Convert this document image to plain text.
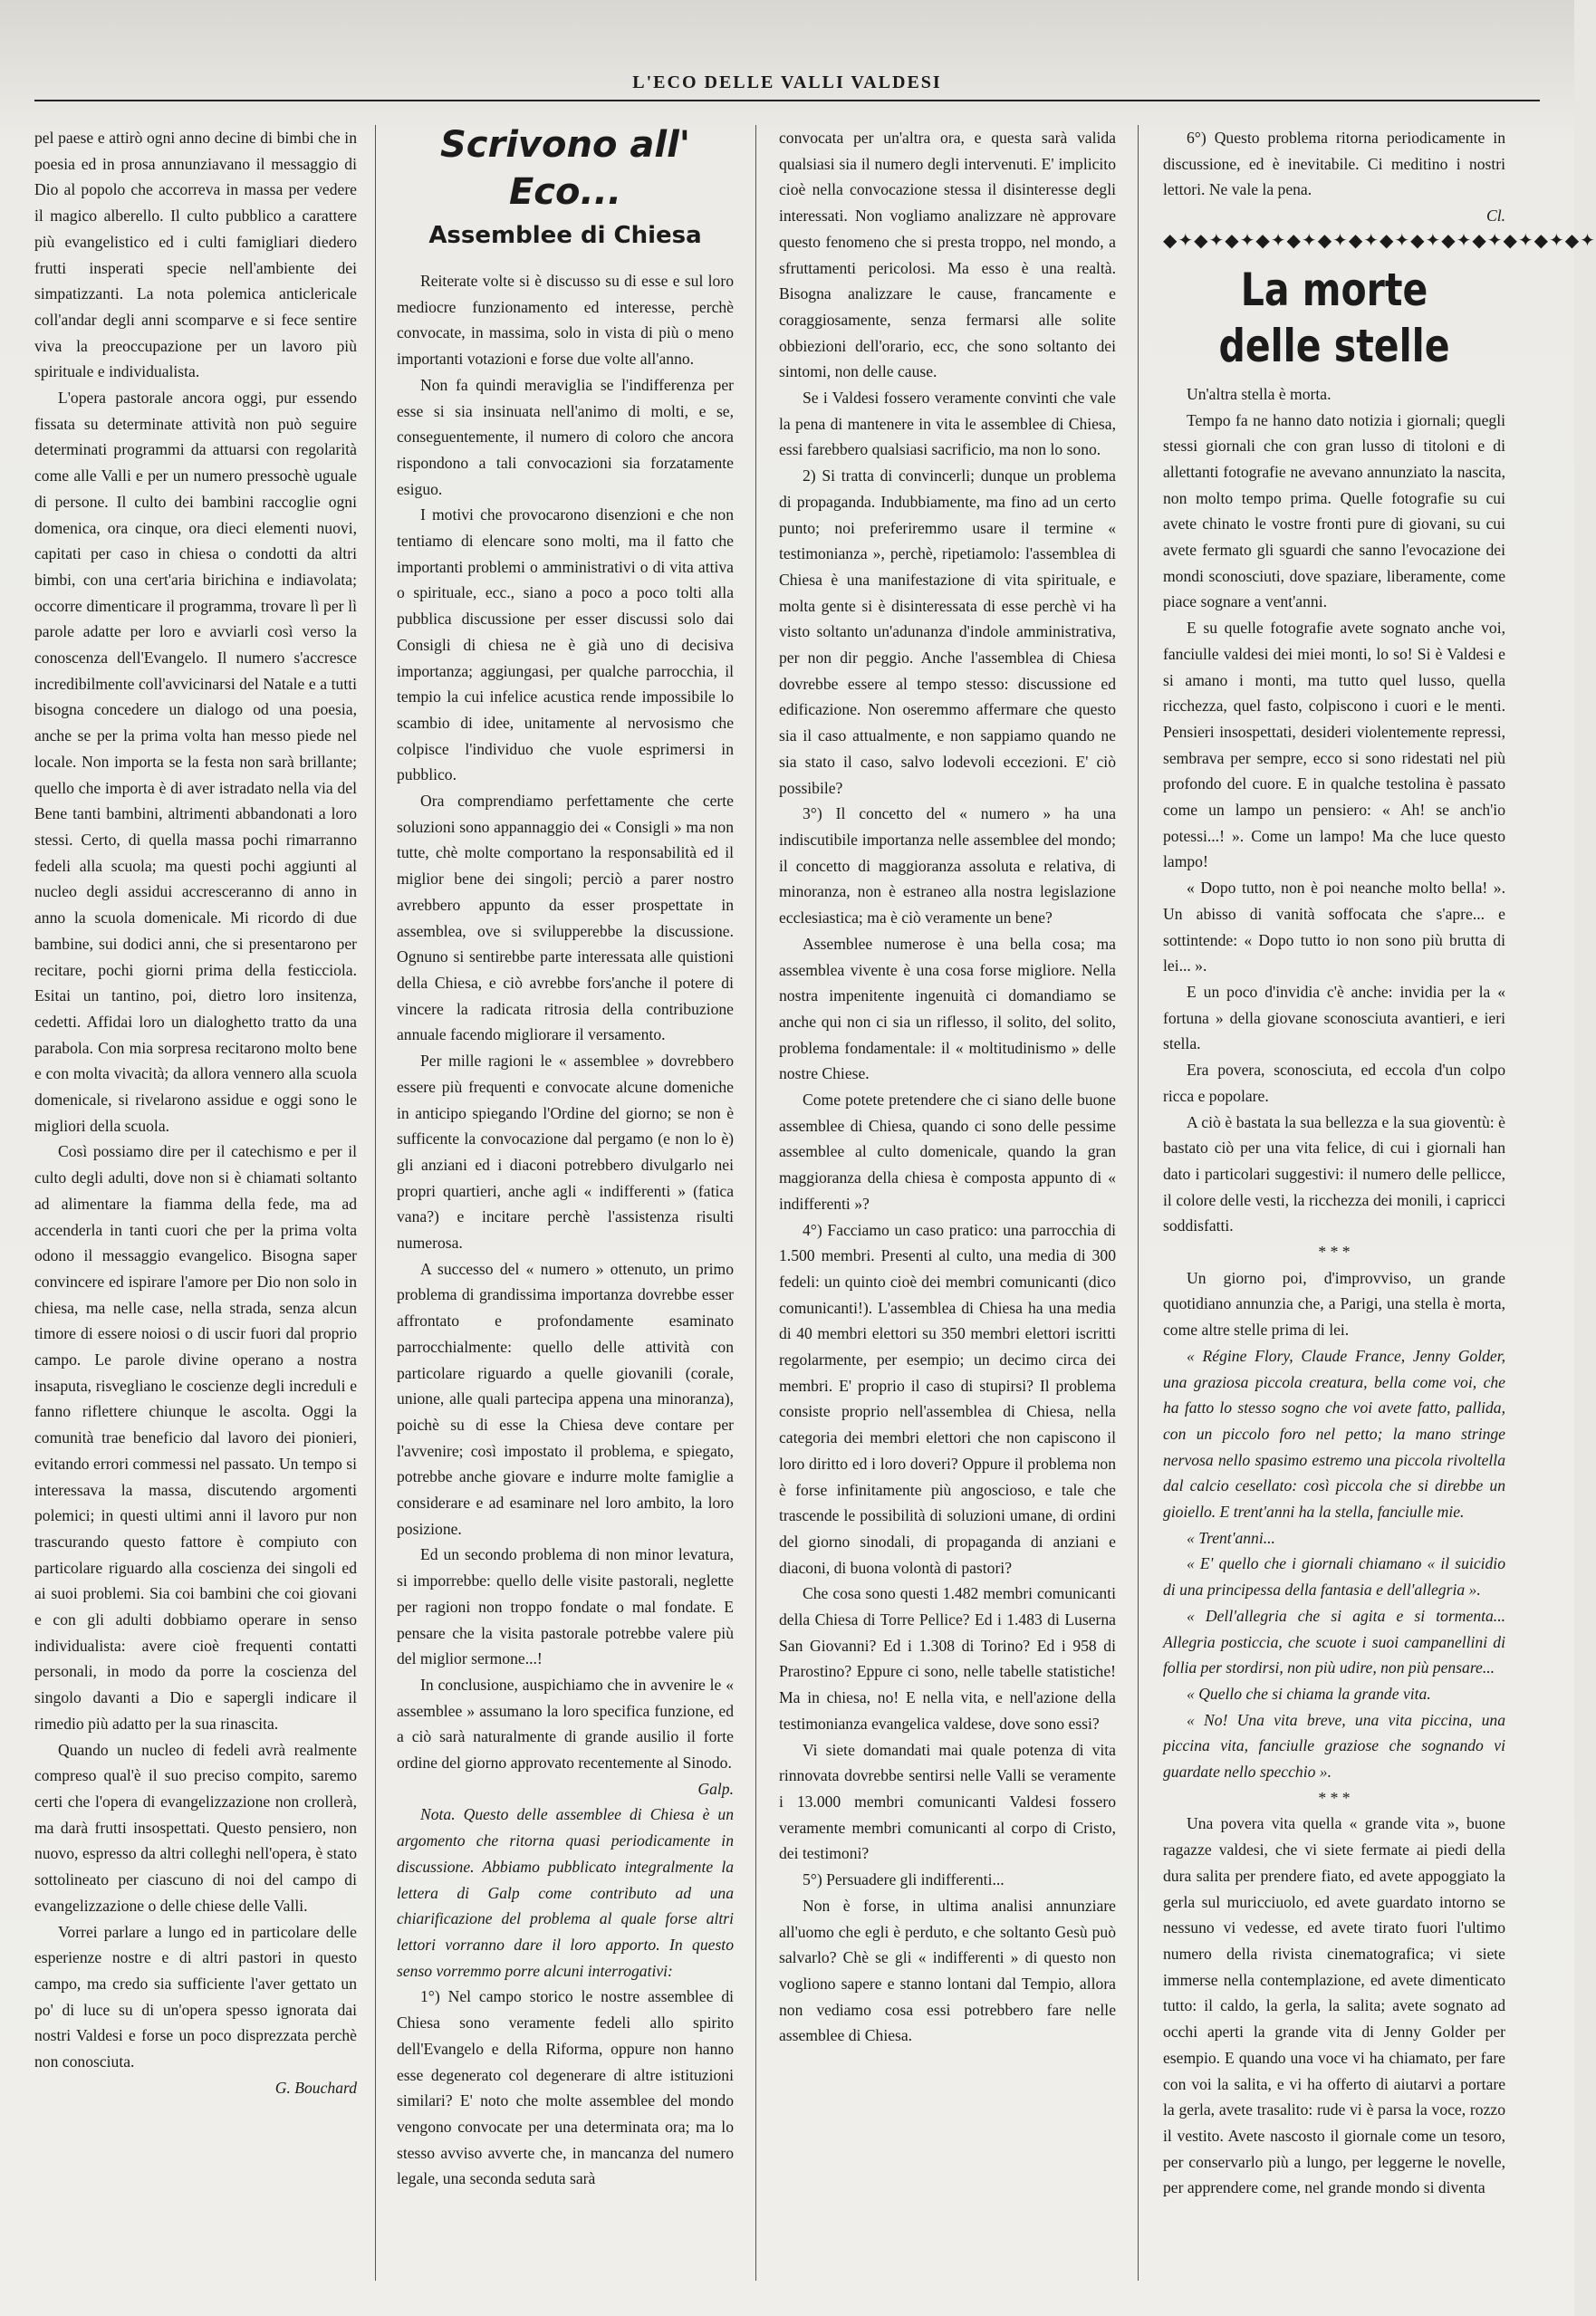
L'ECO DELLE VALLI VALDESI

pel paese e attirò ogni anno decine di bimbi che in poesia ed in prosa annunziavano il messaggio di Dio al popolo che accorreva in massa per vedere il magico alberello. Il culto pubblico a carattere più evangelistico ed i culti famigliari diedero frutti insperati specie nell'ambiente dei simpatizzanti. La nota polemica anticlericale coll'andar degli anni scomparve e si fece sentire viva la preoccupazione per un lavoro più spirituale e individualista.

L'opera pastorale ancora oggi, pur essendo fissata su determinate attività non può seguire determinati programmi da attuarsi con regolarità come alle Valli e per un numero pressochè uguale di persone. Il culto dei bambini raccoglie ogni domenica, ora cinque, ora dieci elementi nuovi, capitati per caso in chiesa o condotti da altri bimbi, con una cert'aria birichina e indiavolata; occorre dimenticare il programma, trovare lì per lì parole adatte per loro e avviarli così verso la conoscenza dell'Evangelo. Il numero s'accresce incredibilmente coll'avvicinarsi del Natale e a tutti bisogna concedere un dialogo od una poesia, anche se per la prima volta han messo piede nel locale. Non importa se la festa non sarà brillante; quello che importa è di aver istradato nella via del Bene tanti bambini, altrimenti abbandonati a loro stessi. Certo, di quella massa pochi rimarranno fedeli alla scuola; ma questi pochi aggiunti al nucleo degli assidui accresceranno di anno in anno la scuola domenicale. Mi ricordo di due bambine, sui dodici anni, che si presentarono per recitare, pochi giorni prima della festicciola. Esitai un tantino, poi, dietro loro insitenza, cedetti. Affidai loro un dialoghetto tratto da una parabola. Con mia sorpresa recitarono molto bene e con molta vivacità; da allora vennero alla scuola domenicale, si rivelarono assidue e oggi sono le migliori della scuola.

Così possiamo dire per il catechismo e per il culto degli adulti, dove non si è chiamati soltanto ad alimentare la fiamma della fede, ma ad accenderla in tanti cuori che per la prima volta odono il messaggio evangelico. Bisogna saper convincere ed ispirare l'amore per Dio non solo in chiesa, ma nelle case, nella strada, senza alcun timore di essere noiosi o di uscir fuori dal proprio campo. Le parole divine operano a nostra insaputa, risvegliano le coscienze degli increduli e fanno riflettere chiunque le ascolta. Oggi la comunità trae beneficio dal lavoro dei pionieri, evitando errori commessi nel passato. Un tempo si interessava la massa, discutendo argomenti polemici; in questi ultimi anni il lavoro pur non trascurando questo fattore è compiuto con particolare riguardo alla coscienza dei singoli ed ai suoi problemi. Sia coi bambini che coi giovani e con gli adulti dobbiamo operare in senso individualista: avere cioè frequenti contatti personali, in modo da porre la coscienza del singolo davanti a Dio e sapergli indicare il rimedio più adatto per la sua rinascita.

Quando un nucleo di fedeli avrà realmente compreso qual'è il suo preciso compito, saremo certi che l'opera di evangelizzazione non crollerà, ma darà frutti insospettati. Questo pensiero, non nuovo, espresso da altri colleghi nell'opera, è stato sottolineato per ciascuno di noi del campo di evangelizzazione o delle chiese delle Valli.

Vorrei parlare a lungo ed in particolare delle esperienze nostre e di altri pastori in questo campo, ma credo sia sufficiente l'aver gettato un po' di luce su di un'opera spesso ignorata dai nostri Valdesi e forse un poco disprezzata perchè non conosciuta.

G. Bouchard

Scrivono all' Eco...
Assemblee di Chiesa

Reiterate volte si è discusso su di esse e sul loro mediocre funzionamento ed interesse, perchè convocate, in massima, solo in vista di più o meno importanti votazioni e forse due volte all'anno.

Non fa quindi meraviglia se l'indifferenza per esse si sia insinuata nell'animo di molti, e se, conseguentemente, il numero di coloro che ancora rispondono a tali convocazioni sia forzatamente esiguo.

I motivi che provocarono disenzioni e che non tentiamo di elencare sono molti, ma il fatto che importanti problemi o amministrativi o di vita attiva o spirituale, ecc., siano a poco a poco tolti alla pubblica discussione per esser discussi solo dai Consigli di chiesa ne è già uno di decisiva importanza; aggiungasi, per qualche parrocchia, il tempio la cui infelice acustica rende impossibile lo scambio di idee, unitamente al nervosismo che colpisce l'individuo che vuole esprimersi in pubblico.

Ora comprendiamo perfettamente che certe soluzioni sono appannaggio dei « Consigli » ma non tutte, chè molte comportano la responsabilità ed il miglior bene dei singoli; perciò a parer nostro avrebbero appunto da esser prospettate in assemblea, ove si svilupperebbe la discussione. Ognuno si sentirebbe parte interessata alle quistioni della Chiesa, e ciò avrebbe fors'anche il potere di vincere la radicata ritrosia della contribuzione annuale facendo migliorare il versamento.

Per mille ragioni le « assemblee » dovrebbero essere più frequenti e convocate alcune domeniche in anticipo spiegando l'Ordine del giorno; se non è sufficente la convocazione dal pergamo (e non lo è) gli anziani ed i diaconi potrebbero divulgarlo nei propri quartieri, anche agli « indifferenti » (fatica vana?) e incitare perchè l'assistenza risulti numerosa.

A successo del « numero » ottenuto, un primo problema di grandissima importanza dovrebbe esser affrontato e profondamente esaminato parrocchialmente: quello delle attività con particolare riguardo a quelle giovanili (corale, unione, alle quali partecipa appena una minoranza), poichè su di esse la Chiesa deve contare per l'avvenire; così impostato il problema, e spiegato, potrebbe anche giovare e indurre molte famiglie a considerare e ad esaminare nel loro ambito, la loro posizione.

Ed un secondo problema di non minor levatura, si imporrebbe: quello delle visite pastorali, neglette per ragioni non troppo fondate o mal fondate. E pensare che la visita pastorale potrebbe valere più del miglior sermone...!

In conclusione, auspichiamo che in avvenire le « assemblee » assumano la loro specifica funzione, ed a ciò sarà naturalmente di grande ausilio il forte ordine del giorno approvato recentemente al Sinodo.

Galp.

Nota. Questo delle assemblee di Chiesa è un argomento che ritorna quasi periodicamente in discussione. Abbiamo pubblicato integralmente la lettera di Galp come contributo ad una chiarificazione del problema al quale forse altri lettori vorranno dare il loro apporto. In questo senso vorremmo porre alcuni interrogativi:

1°) Nel campo storico le nostre assemblee di Chiesa sono veramente fedeli allo spirito dell'Evangelo e della Riforma, oppure non hanno esse degenerato col degenerare di altre istituzioni similari? E' noto che molte assemblee del mondo vengono convocate per una determinata ora; ma lo stesso avviso avverte che, in mancanza del numero legale, una seconda seduta sarà

convocata per un'altra ora, e questa sarà valida qualsiasi sia il numero degli intervenuti. E' implicito cioè nella convocazione stessa il disinteresse degli interessati. Non vogliamo analizzare nè approvare questo fenomeno che si presta troppo, nel mondo, a sfruttamenti pericolosi. Ma esso è una realtà. Bisogna analizzare le cause, francamente e coraggiosamente, senza fermarsi alle solite obbiezioni dell'orario, ecc, che sono soltanto dei sintomi, non delle cause.

Se i Valdesi fossero veramente convinti che vale la pena di mantenere in vita le assemblee di Chiesa, essi farebbero qualsiasi sacrificio, ma non lo sono.

2) Si tratta di convincerli; dunque un problema di propaganda. Indubbiamente, ma fino ad un certo punto; noi preferiremmo usare il termine « testimonianza », perchè, ripetiamolo: l'assemblea di Chiesa è una manifestazione di vita spirituale, e molta gente si è disinteressata di esse perchè vi ha visto soltanto un'adunanza d'indole amministrativa, per non dir peggio. Anche l'assemblea di Chiesa dovrebbe essere al tempo stesso: discussione ed edificazione. Non oseremmo affermare che questo sia il caso attualmente, e non sappiamo quando ne sia stato il caso, salvo lodevoli eccezioni. E' ciò possibile?

3°) Il concetto del « numero » ha una indiscutibile importanza nelle assemblee del mondo; il concetto di maggioranza assoluta e relativa, di minoranza, non è estraneo alla nostra legislazione ecclesiastica; ma è ciò veramente un bene?

Assemblee numerose è una bella cosa; ma assemblea vivente è una cosa forse migliore. Nella nostra impenitente ingenuità ci domandiamo se anche qui non ci sia un riflesso, il solito, del solito, problema fondamentale: il « moltitudinismo » delle nostre Chiese.

Come potete pretendere che ci siano delle buone assemblee di Chiesa, quando ci sono delle pessime assemblee al culto domenicale, quando la gran maggioranza della chiesa è composta appunto di « indifferenti »?

4°) Facciamo un caso pratico: una parrocchia di 1.500 membri. Presenti al culto, una media di 300 fedeli: un quinto cioè dei membri comunicanti (dico comunicanti!). L'assemblea di Chiesa ha una media di 40 membri elettori su 350 membri elettori iscritti regolarmente, per esempio; un decimo circa dei membri. E' proprio il caso di stupirsi? Il problema consiste proprio nell'assemblea di Chiesa, nella categoria dei membri elettori che non capiscono il loro diritto ed i loro doveri? Oppure il problema non è forse infinitamente più angoscioso, e tale che trascende le possibilità di soluzioni umane, di ordini del giorno sinodali, di propaganda di anziani e diaconi, di buona volontà di pastori?

Che cosa sono questi 1.482 membri comunicanti della Chiesa di Torre Pellice? Ed i 1.483 di Luserna San Giovanni? Ed i 1.308 di Torino? Ed i 958 di Prarostino? Eppure ci sono, nelle tabelle statistiche! Ma in chiesa, no! E nella vita, e nell'azione della testimonianza evangelica valdese, dove sono essi?

Vi siete domandati mai quale potenza di vita rinnovata dovrebbe sentirsi nelle Valli se veramente i 13.000 membri comunicanti Valdesi fossero veramente membri comunicanti al corpo di Cristo, dei testimoni?

5°) Persuadere gli indifferenti...

Non è forse, in ultima analisi annunziare all'uomo che egli è perduto, e che soltanto Gesù può salvarlo? Chè se gli « indifferenti » di questo non vogliono sapere e stanno lontani dal Tempio, allora non vediamo cosa essi potrebbero fare nelle assemblee di Chiesa.

6°) Questo problema ritorna periodicamente in discussione, ed è inevitabile. Ci meditino i nostri lettori. Ne vale la pena.

Cl.

◆✦◆✦◆✦◆✦◆✦◆✦◆✦◆✦◆✦◆✦◆✦◆✦◆✦◆✦
La morte delle stelle

Un'altra stella è morta.

Tempo fa ne hanno dato notizia i giornali; quegli stessi giornali che con gran lusso di titoloni e di allettanti fotografie ne avevano annunziato la nascita, non molto tempo prima. Quelle fotografie su cui avete chinato le vostre fronti pure di giovani, su cui avete fermato gli sguardi che sanno l'evocazione dei mondi sconosciuti, dove spaziare, liberamente, come piace sognare a vent'anni.

E su quelle fotografie avete sognato anche voi, fanciulle valdesi dei miei monti, lo so! Si è Valdesi e si amano i monti, ma tutto quel lusso, quella ricchezza, quel fasto, colpiscono i cuori e le menti. Pensieri insospettati, desideri violentemente repressi, sembrava per sempre, ecco si sono ridestati nel più profondo del cuore. E in qualche testolina è passato come un lampo un pensiero: « Ah! se anch'io potessi...! ». Come un lampo! Ma che luce questo lampo!

« Dopo tutto, non è poi neanche molto bella! ». Un abisso di vanità soffocata che s'apre... e sottintende: « Dopo tutto io non sono più brutta di lei... ».

E un poco d'invidia c'è anche: invidia per la « fortuna » della giovane sconosciuta avantieri, e ieri stella.

Era povera, sconosciuta, ed eccola d'un colpo ricca e popolare.

A ciò è bastata la sua bellezza e la sua gioventù: è bastato ciò per una vita felice, di cui i giornali han dato i particolari suggestivi: il numero delle pellicce, il colore delle vesti, la ricchezza dei monili, i capricci soddisfatti.

* * *

Un giorno poi, d'improvviso, un grande quotidiano annunzia che, a Parigi, una stella è morta, come altre stelle prima di lei.

« Régine Flory, Claude France, Jenny Golder, una graziosa piccola creatura, bella come voi, che ha fatto lo stesso sogno che voi avete fatto, pallida, con un piccolo foro nel petto; la mano stringe nervosa nello spasimo estremo una piccola rivoltella dal calcio cesellato: così piccola che si direbbe un gioiello. E trent'anni ha la stella, fanciulle mie.

« Trent'anni...

« E' quello che i giornali chiamano « il suicidio di una principessa della fantasia e dell'allegria ».

« Dell'allegria che si agita e si tormenta... Allegria posticcia, che scuote i suoi campanellini di follia per stordirsi, non più udire, non più pensare...

« Quello che si chiama la grande vita.

« No! Una vita breve, una vita piccina, una piccina vita, fanciulle graziose che sognando vi guardate nello specchio ».

* * *

Una povera vita quella « grande vita », buone ragazze valdesi, che vi siete fermate ai piedi della dura salita per prendere fiato, ed avete appoggiato la gerla sul muricciuolo, ed avete guardato intorno se nessuno vi vedesse, ed avete tirato fuori l'ultimo numero della rivista cinematografica; vi siete immerse nella contemplazione, ed avete dimenticato tutto: il caldo, la gerla, la salita; avete sognato ad occhi aperti la grande vita di Jenny Golder per esempio. E quando una voce vi ha chiamato, per fare con voi la salita, e vi ha offerto di aiutarvi a portare la gerla, avete trasalito: rude vi è parsa la voce, rozzo il vestito. Avete nascosto il giornale come un tesoro, per conservarlo più a lungo, per leggerne le novelle, per apprendere come, nel grande mondo si diventa
